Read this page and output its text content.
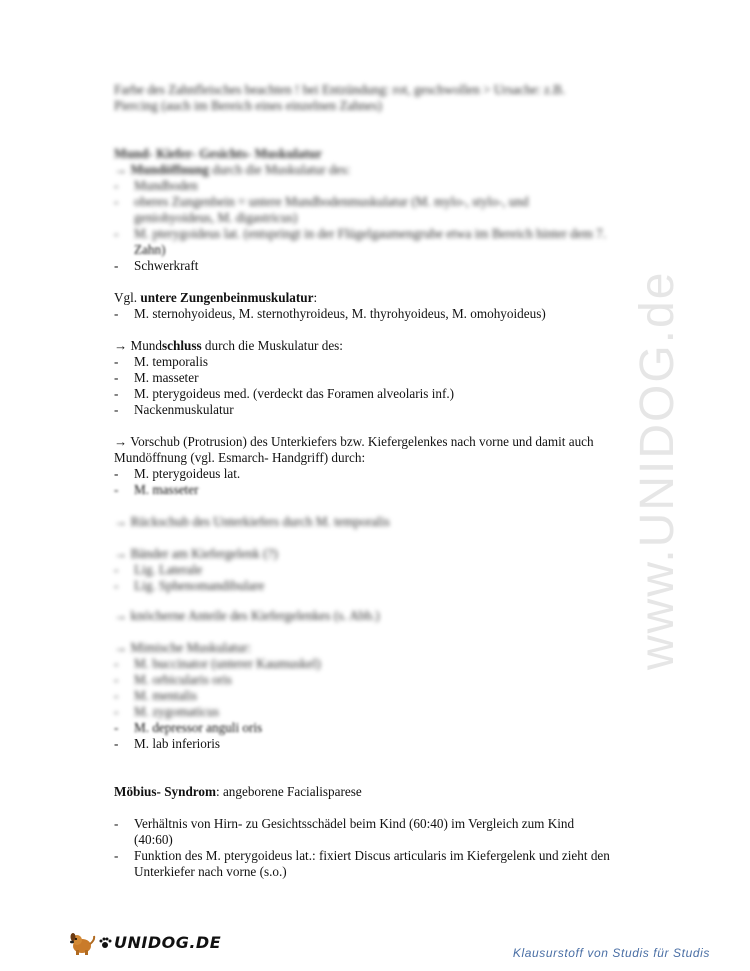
Farbe des Zahnfleisches beachten ! bei Entzündung: rot, geschwollen > Ursache: z.B.
Piercing (auch im Bereich eines einzelnen Zahnes)
Mund- Kiefer- Gesichts- Muskulatur
→ Mundöffnung durch die Muskulatur des:
- Mundboden
- oberes Zungenbein = untere Mundbodenmuskulatur (M. mylo-, stylo-, und
geniohyoideus, M. digastricus)
- M. pterygoideus lat. (entspringt in der Flügelgaumengrube etwa im Bereich hinter dem 7.
Zahn)
- Schwerkraft
Vgl. untere Zungenbeinmuskulatur:
- M. sternohyoideus, M. sternothyroideus, M. thyrohyoideus, M. omohyoideus)
→ Mundschluss durch die Muskulatur des:
- M. temporalis
- M. masseter
- M. pterygoideus med. (verdeckt das Foramen alveolaris inf.)
- Nackenmuskulatur
→ Vorschub (Protrusion) des Unterkiefers bzw. Kiefergelenkes nach vorne und damit auch
Mundöffnung (vgl. Esmarch- Handgriff) durch:
- M. pterygoideus lat.
- M. masseter
→ Rückschub des Unterkiefers durch M. temporalis
→ Bänder am Kiefergelenk (?)
- Lig. Laterale
- Lig. Sphenomandibulare
→ knöcherne Anteile des Kiefergelenkes (s. Abb.)
→ Mimische Muskulatur:
- M. buccinator (unterer Kaumuskel)
- M. orbicularis oris
- M. mentalis
- M. zygomaticus
- M. depressor anguli oris
- M. lab inferioris
Möbius- Syndrom: angeborene Facialisparese
- Verhältnis von Hirn- zu Gesichtsschädel beim Kind (60:40) im Vergleich zum Kind
(40:60)
- Funktion des M. pterygoideus lat.: fixiert Discus articularis im Kiefergelenk und zieht den
Unterkiefer nach vorne (s.o.)
www.UNIDOG.de
UNIDOG.DE
Klausurstoff von Studis für Studis
